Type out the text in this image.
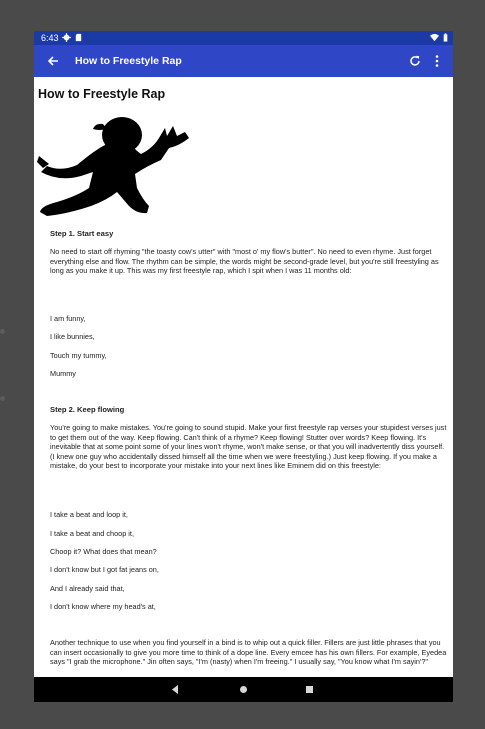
6:43
How to Freestyle Rap
How to Freestyle Rap
Step 1. Start easy
No need to start off rhyming "the toasty cow's utter" with "most o' my flow's butter". No need to even rhyme. Just forget everything else and flow. The rhythm can be simple, the words might be second-grade level, but you're still freestyling as long as you make it up. This was my first freestyle rap, which I spit when I was 11 months old:
I am funny,
I like bunnies,
Touch my tummy,
Mummy
Step 2. Keep flowing
You're going to make mistakes. You're going to sound stupid. Make your first freestyle rap verses your stupidest verses just to get them out of the way. Keep flowing. Can't think of a rhyme? Keep flowing! Stutter over words? Keep flowing. It's inevitable that at some point some of your lines won't rhyme, won't make sense, or that you will inadvertently diss yourself. (I knew one guy who accidentally dissed himself all the time when we were freestyling.) Just keep flowing. If you make a mistake, do your best to incorporate your mistake into your next lines like Eminem did on this freestyle:
I take a beat and loop it,
I take a beat and choop it,
Choop it? What does that mean?
I don't know but I got fat jeans on,
And I already said that,
I don't know where my head's at,
Another technique to use when you find yourself in a bind is to whip out a quick filler. Fillers are just little phrases that you can insert occasionally to give you more time to think of a dope line. Every emcee has his own fillers. For example, Eyedea says "I grab the microphone." Jin often says, "I'm (nasty) when I'm freeing." I usually say, "You know what I'm sayin'?"
